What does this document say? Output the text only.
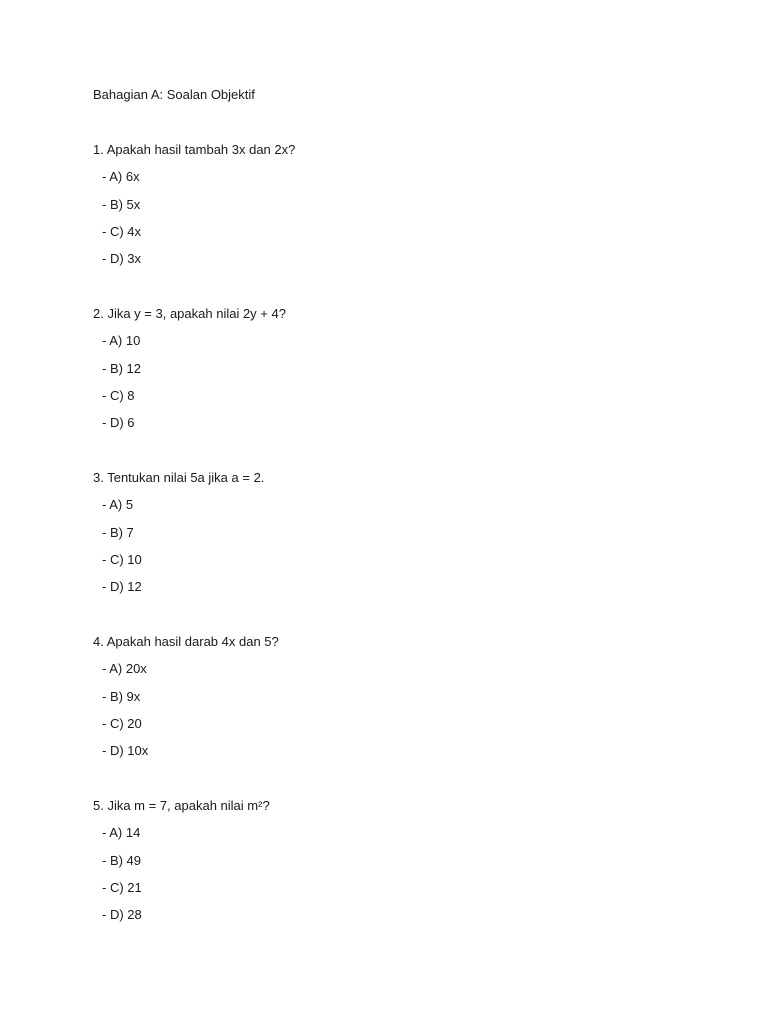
Bahagian A: Soalan Objektif
1. Apakah hasil tambah 3x dan 2x?
- A) 6x
- B) 5x
- C) 4x
- D) 3x
2. Jika y = 3, apakah nilai 2y + 4?
- A) 10
- B) 12
- C) 8
- D) 6
3. Tentukan nilai 5a jika a = 2.
- A) 5
- B) 7
- C) 10
- D) 12
4. Apakah hasil darab 4x dan 5?
- A) 20x
- B) 9x
- C) 20
- D) 10x
5. Jika m = 7, apakah nilai m²?
- A) 14
- B) 49
- C) 21
- D) 28
